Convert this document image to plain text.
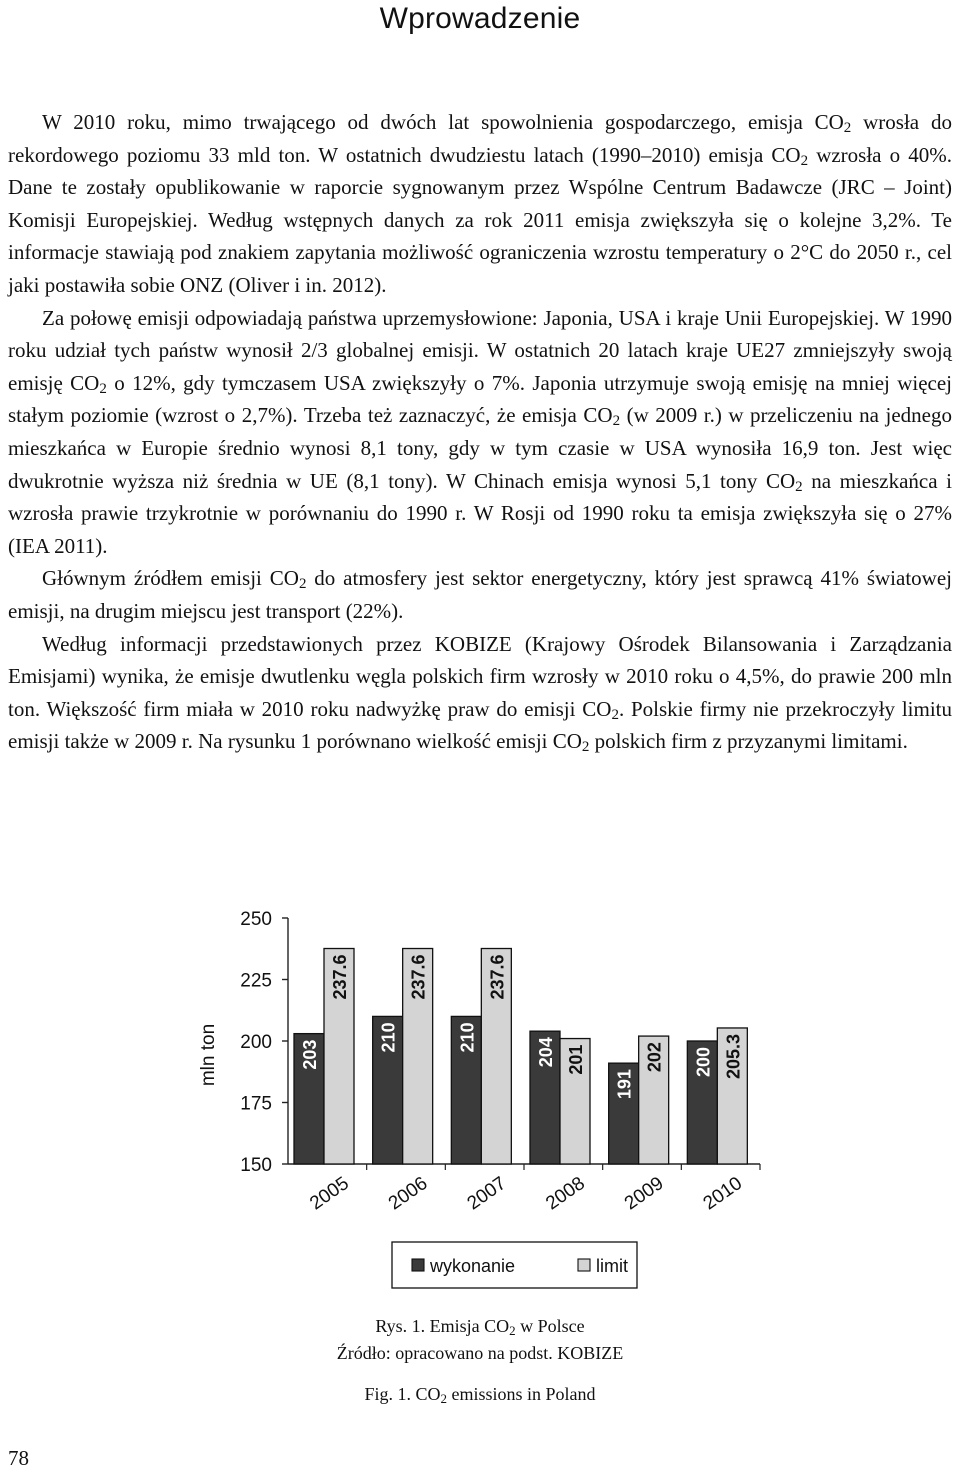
Wprowadzenie

W 2010 roku, mimo trwającego od dwóch lat spowolnienia gospodarczego, emisja $CO_2$ wrosła do rekordowego poziomu 33 mld ton. W ostatnich dwudziestu latach (1990–2010) emisja $CO_2$ wzrosła o 40%. Dane te zostały opublikowanie w raporcie sygnowanym przez Wspólne Centrum Badawcze (JRC – Joint) Komisji Europejskiej. Według wstępnych danych za rok 2011 emisja zwiększyła się o kolejne 3,2%. Te informacje stawiają pod znakiem zapytania możliwość ograniczenia wzrostu temperatury o 2°C do 2050 r., cel jaki postawiła sobie ONZ (Oliver i in. 2012).

Za połowę emisji odpowiadają państwa uprzemysłowione: Japonia, USA i kraje Unii Europejskiej. W 1990 roku udział tych państw wynosił 2/3 globalnej emisji. W ostatnich 20 latach kraje UE27 zmniejszyły swoją emisję $CO_2$ o 12%, gdy tymczasem USA zwiększyły o 7%. Japonia utrzymuje swoją emisję na mniej więcej stałym poziomie (wzrost o 2,7%). Trzeba też zaznaczyć, że emisja $CO_2$ (w 2009 r.) w przeliczeniu na jednego mieszkańca w Europie średnio wynosi 8,1 tony, gdy w tym czasie w USA wynosiła 16,9 ton. Jest więc dwukrotnie wyższa niż średnia w UE (8,1 tony). W Chinach emisja wynosi 5,1 tony $CO_2$ na mieszkańca i wzrosła prawie trzykrotnie w porównaniu do 1990 r. W Rosji od 1990 roku ta emisja zwiększyła się o 27% (IEA 2011).

Głównym źródłem emisji $CO_2$ do atmosfery jest sektor energetyczny, który jest sprawcą 41% światowej emisji, na drugim miejscu jest transport (22%).

Według informacji przedstawionych przez KOBIZE (Krajowy Ośrodek Bilansowania i Zarządzania Emisjami) wynika, że emisje dwutlenku węgla polskich firm wzrosły w 2010 roku o 4,5%, do prawie 200 mln ton. Większość firm miała w 2010 roku nadwyżkę praw do emisji $CO_2$. Polskie firmy nie przekroczyły limitu emisji także w 2009 r. Na rysunku 1 porównano wielkość emisji $CO_2$ polskich firm z przyzanymi limitami.

250
225
200
175
150
mln ton	203
237.6
2005
210
237.6
2006
210
237.6
2007
204 201
2008
191
202
2009
200 205.3
2010
wykonanie	limit
Rys. 1. Emisja $CO_2$ w Polsce
Źródło: opracowano na podst. KOBIZE
Fig. 1. $CO_2$ emissions in Poland
78
